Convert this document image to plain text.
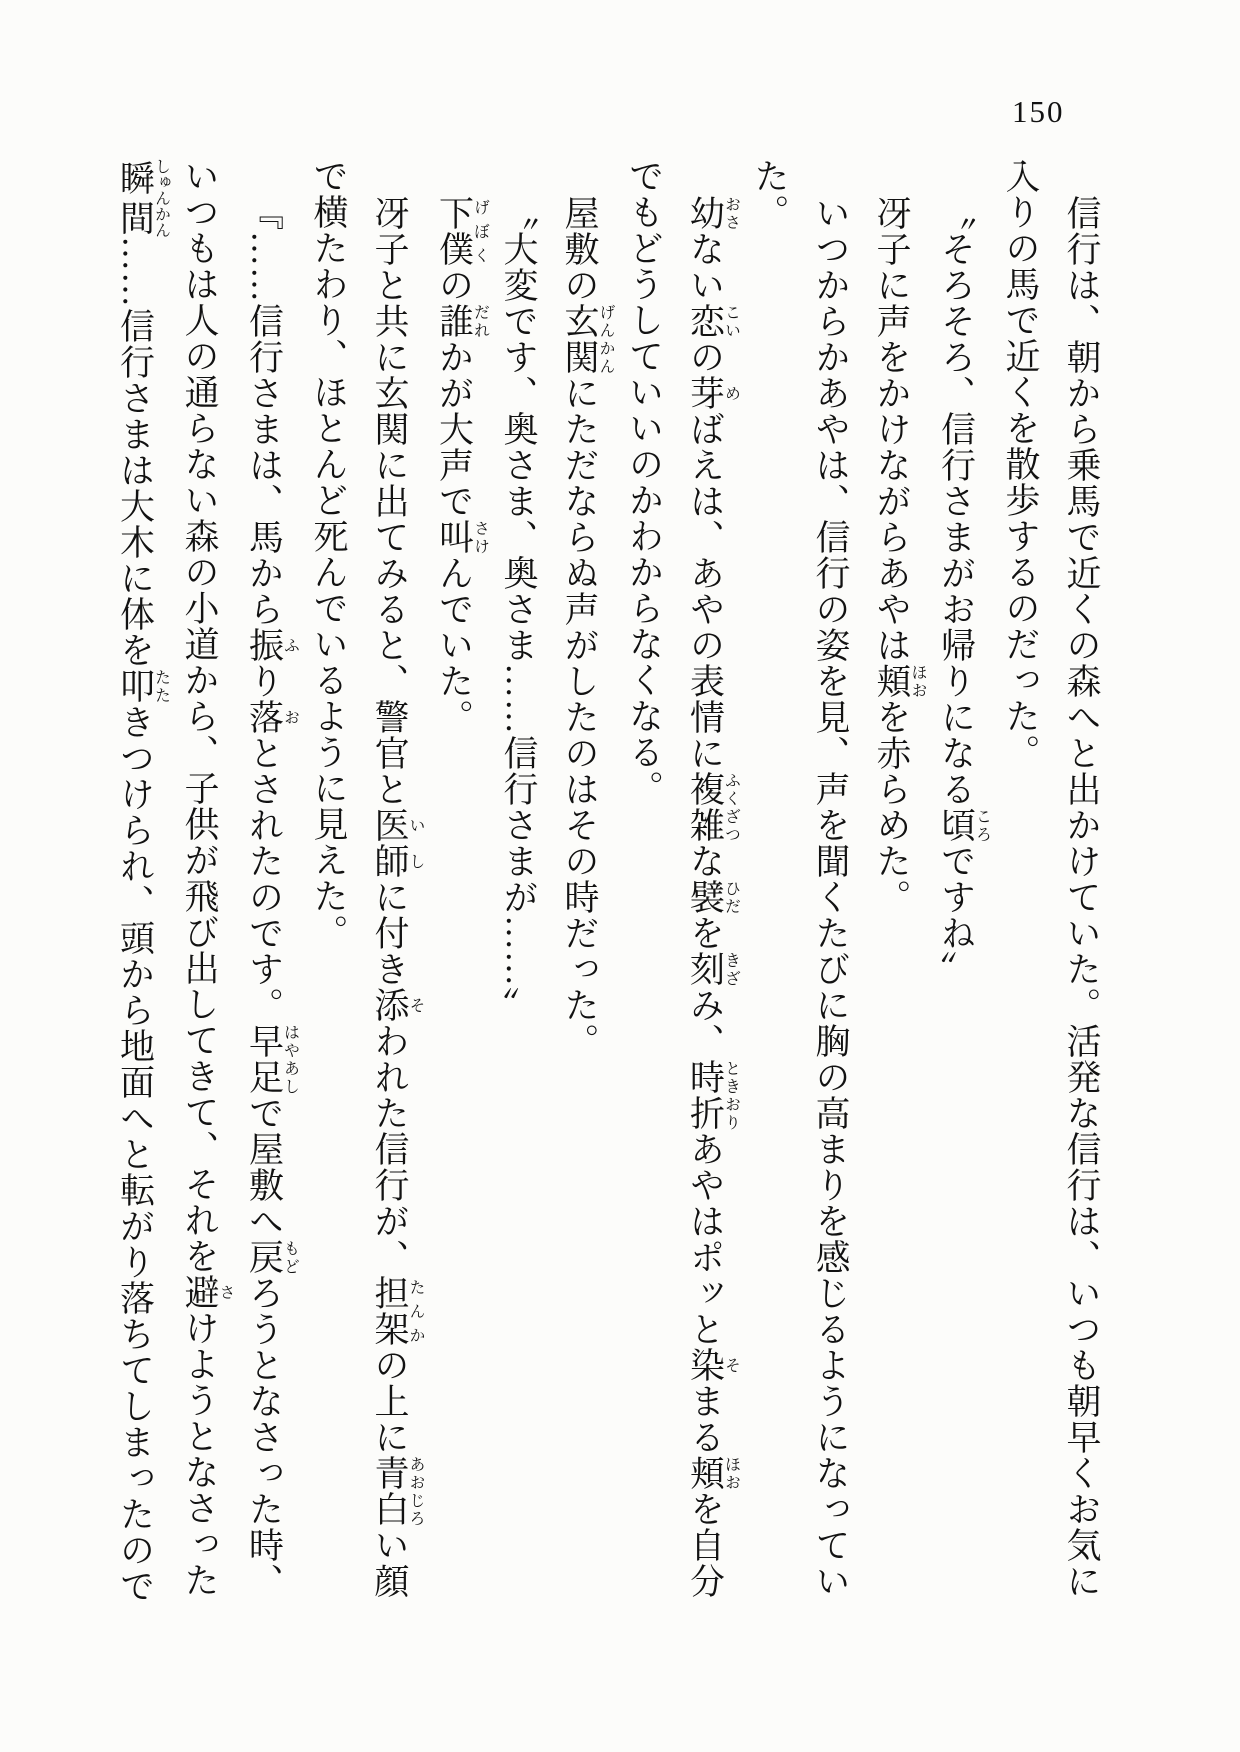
150

信行は、朝から乗馬で近くの森へと出かけていた。活発な信行は、いつも朝早くお気に

入りの馬で近くを散歩するのだった。

〝そろそろ、信行さまがお帰りになる頃ころですね〟

冴子に声をかけながらあやは頬ほおを赤らめた。

いつからかあやは、信行の姿を見、声を聞くたびに胸の高まりを感じるようになってい

た。

幼おさない恋こいの芽めばえは、あやの表情に複雑ふくざつな襞ひだを刻きざみ、時折ときおりあやはポッと染そまる頬ほおを自分

でもどうしていいのかわからなくなる。

屋敷の玄関げんかんにただならぬ声がしたのはその時だった。

〝大変です、奥さま、奥さま……信行さまが……〟

下僕げぼくの誰だれかが大声で叫さけんでいた。

冴子と共に玄関に出てみると、警官と医師いしに付き添そわれた信行が、担架たんかの上に青白あおじろい顔

で横たわり、ほとんど死んでいるように見えた。

『……信行さまは、馬から振ふり落おとされたのです。早足はやあしで屋敷へ戻もどろうとなさった時、

いつもは人の通らない森の小道から、子供が飛び出してきて、それを避さけようとなさった

瞬間しゅんかん……信行さまは大木に体を叩たたきつけられ、頭から地面へと転がり落ちてしまったので
